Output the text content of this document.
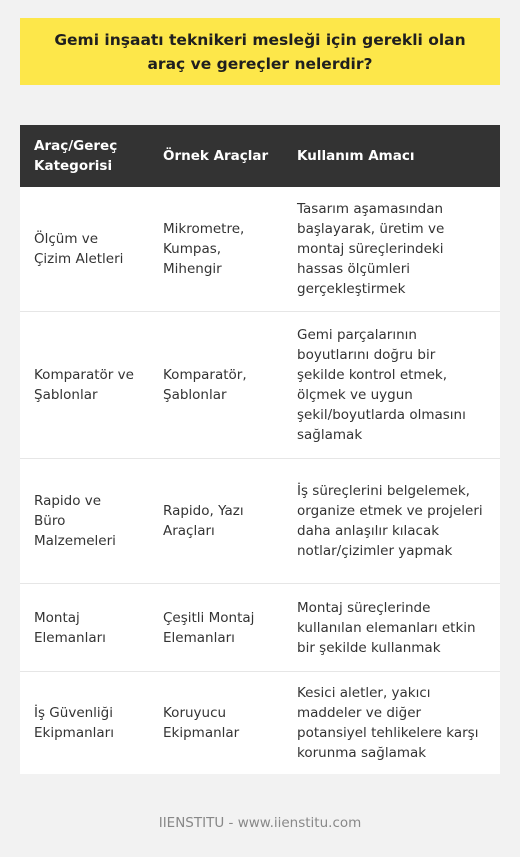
Gemi inşaatı teknikeri mesleği için gerekli olan araç ve gereçler nelerdir?
Araç/Gereç Kategorisi	Örnek Araçlar	Kullanım Amacı
Ölçüm ve Çizim Aletleri	Mikrometre, Kumpas, Mihengir	Tasarım aşamasından başlayarak, üretim ve montaj süreçlerindeki hassas ölçümleri gerçekleştirmek
Komparatör ve Şablonlar	Komparatör, Şablonlar	Gemi parçalarının boyutlarını doğru bir şekilde kontrol etmek, ölçmek ve uygun şekil/boyutlarda olmasını sağlamak
Rapido ve Büro Malzemeleri	Rapido, Yazı Araçları	İş süreçlerini belgelemek, organize etmek ve projeleri daha anlaşılır kılacak notlar/çizimler yapmak
Montaj Elemanları	Çeşitli Montaj Elemanları	Montaj süreçlerinde kullanılan elemanları etkin bir şekilde kullanmak
İş Güvenliği Ekipmanları	Koruyucu Ekipmanlar	Kesici aletler, yakıcı maddeler ve diğer potansiyel tehlikelere karşı korunma sağlamak
IIENSTITU - www.iienstitu.com
